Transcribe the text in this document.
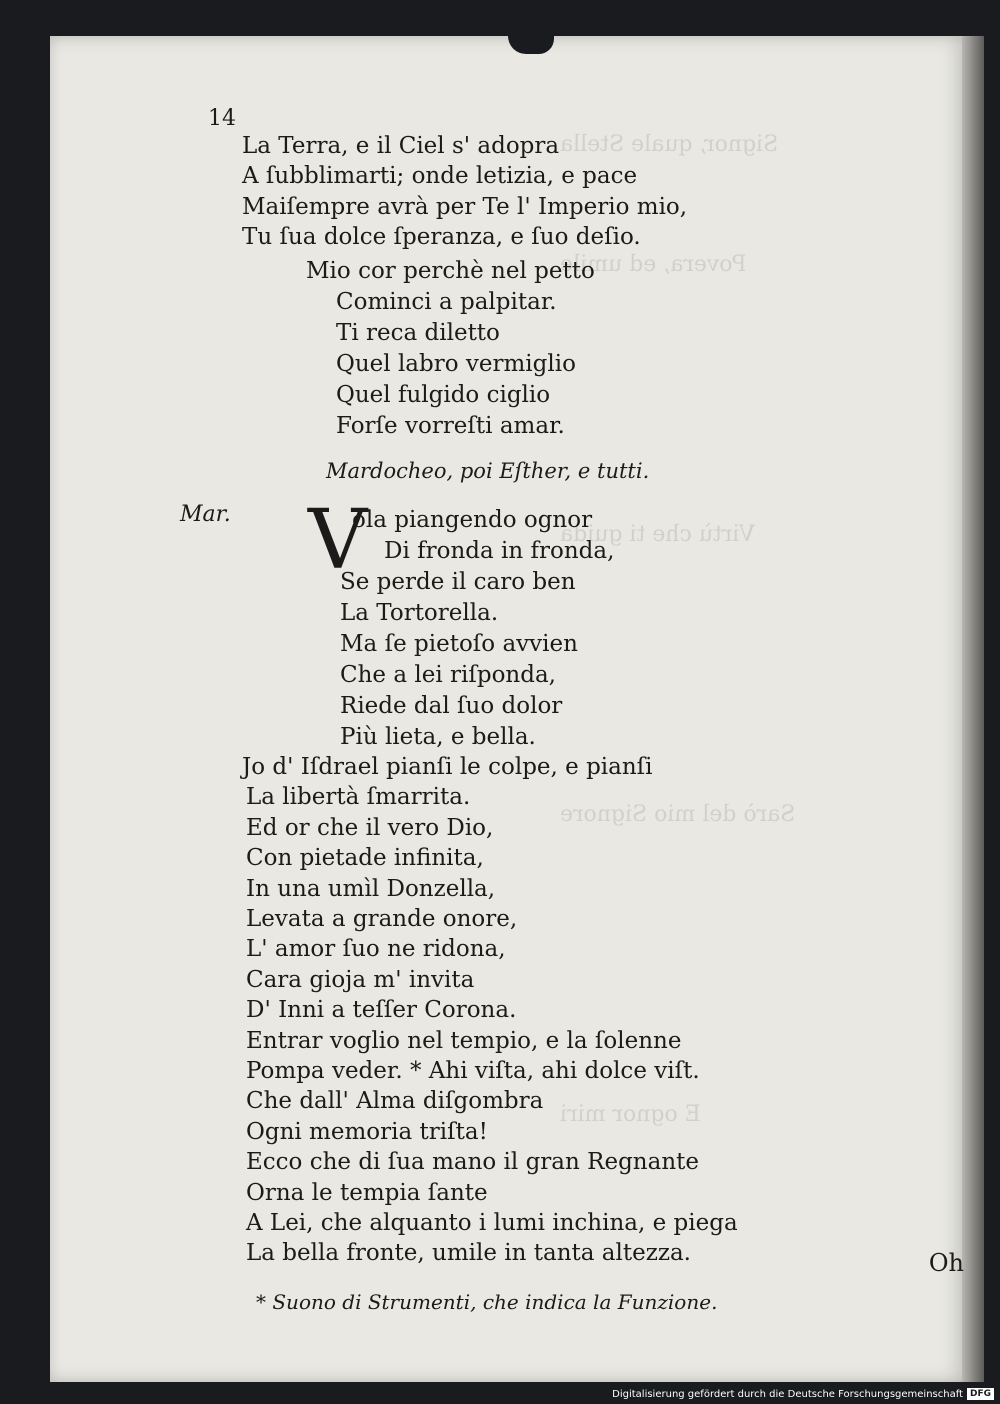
Signor, quale Stella
Povera, ed umile
Virtù che ti guida
Sarò del mio Signore
E ognor miri
14
La Terra, e il Ciel s' adopra
A ſubblimarti; onde letizia, e pace
Maiſempre avrà per Te l' Imperio mio,
Tu ſua dolce ſperanza, e ſuo deſio.
Mio cor perchè nel petto
Cominci a palpitar.
Ti reca diletto
Quel labro vermiglio
Quel fulgido ciglio
Forſe vorreſti amar.
Mardocheo, poi Eſther, e tutti.
Mar. V
ola piangendo ognor
Di fronda in fronda,
Se perde il caro ben
La Tortorella.
Ma ſe pietoſo avvien
Che a lei riſponda,
Riede dal ſuo dolor
Più lieta, e bella.
Jo d' Iſdrael pianſi le colpe, e pianſi
La libertà ſmarrita.
Ed or che il vero Dio,
Con pietade infinita,
In una umìl Donzella,
Levata a grande onore,
L' amor ſuo ne ridona,
Cara gioja m' invita
D' Inni a teſſer Corona.
Entrar voglio nel tempio, e la ſolenne
Pompa veder. * Ahi viſta, ahi dolce viſt.
Che dall' Alma diſgombra
Ogni memoria triſta!
Ecco che di ſua mano il gran Regnante
Orna le tempia ſante
A Lei, che alquanto i lumi inchina, e piega
La bella fronte, umile in tanta altezza.	Oh
* Suono di Strumenti, che indica la Funzione.
Digitalisierung gefördert durch die Deutsche Forschungsgemeinschaft DFG
